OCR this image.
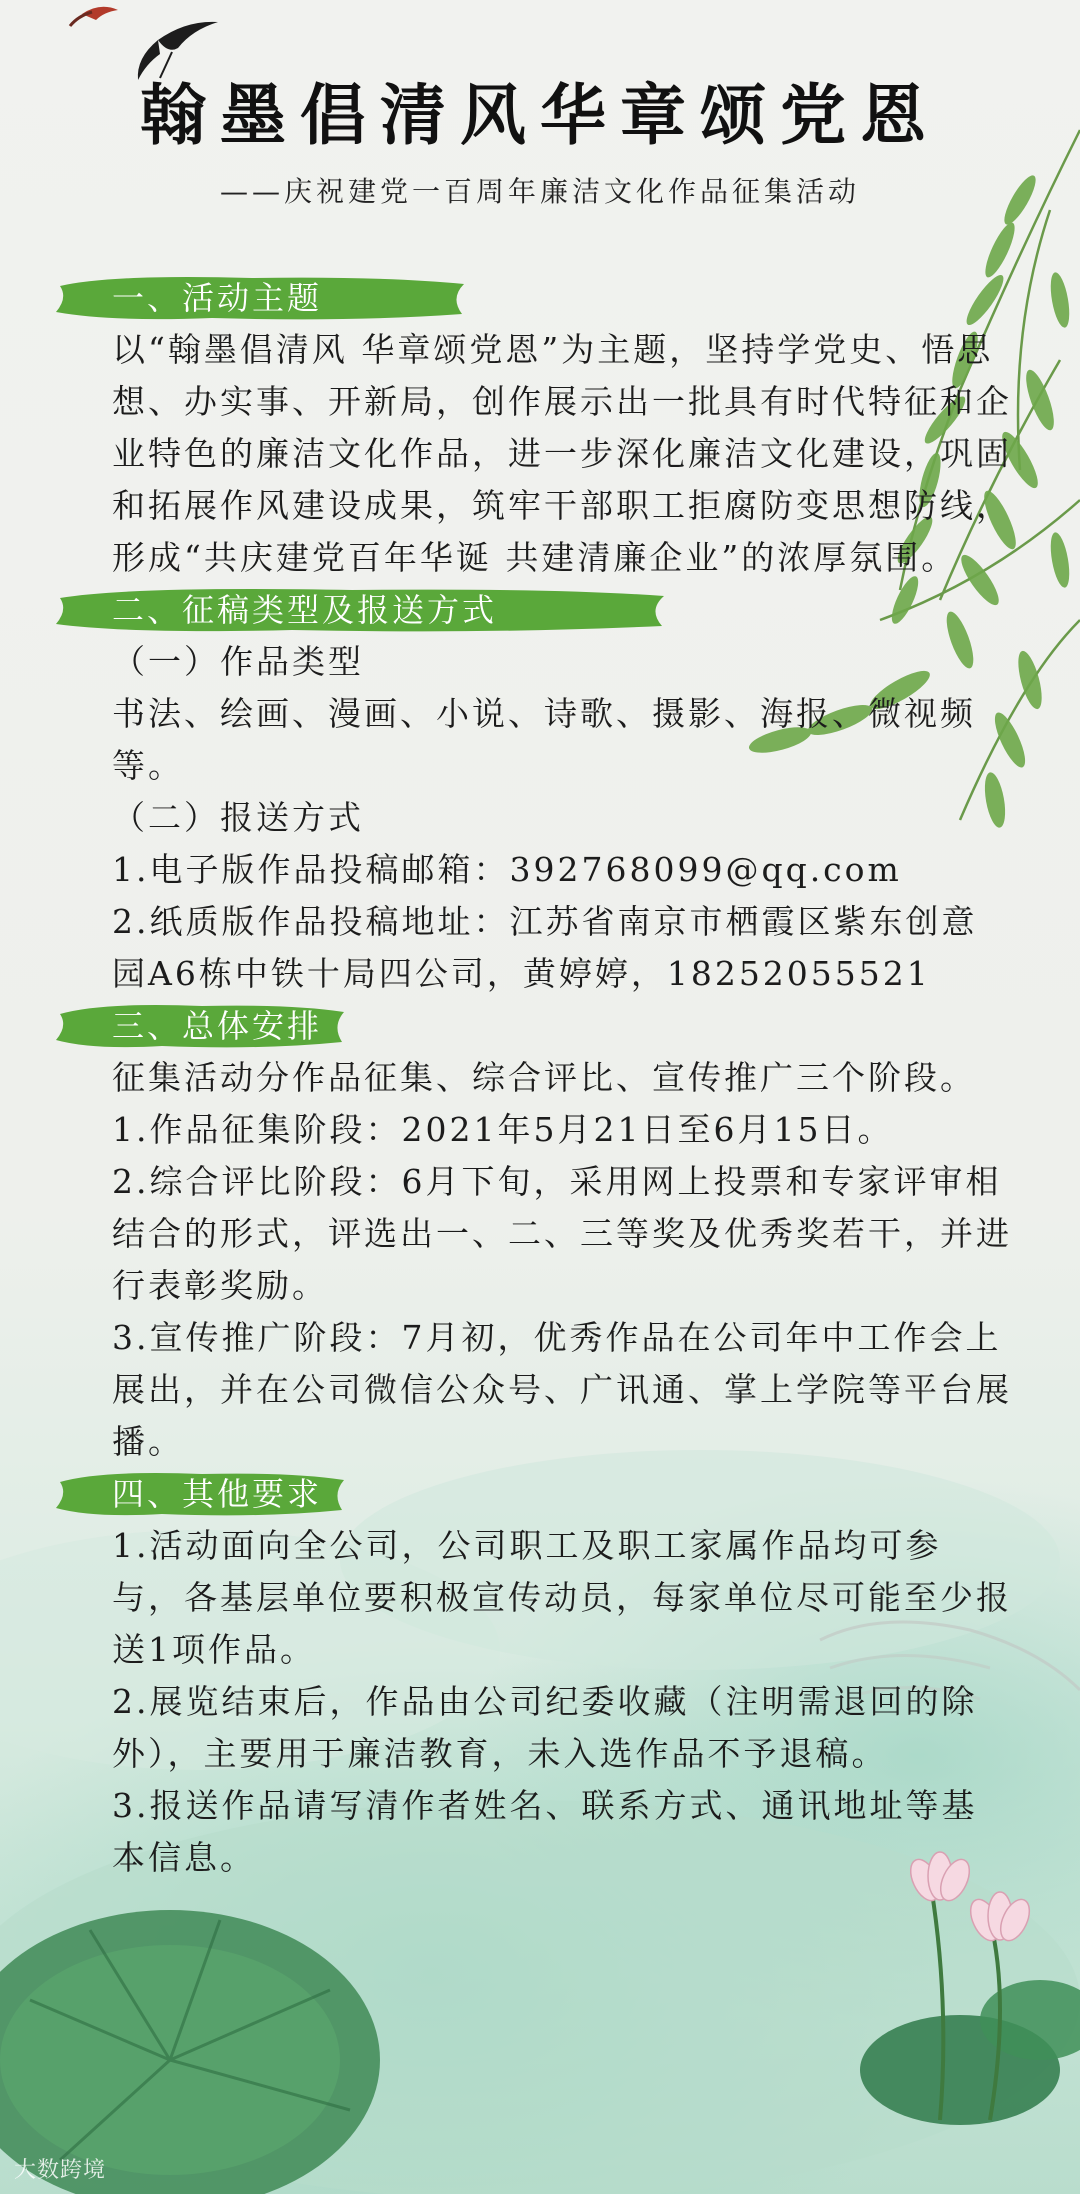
翰墨倡清风华章颂党恩
——庆祝建党一百周年廉洁文化作品征集活动
一、活动主题

以“翰墨倡清风 华章颂党恩”为主题，坚持学党史、悟思想、办实事、开新局，创作展示出一批具有时代特征和企业特色的廉洁文化作品，进一步深化廉洁文化建设，巩固和拓展作风建设成果，筑牢干部职工拒腐防变思想防线，形成“共庆建党百年华诞 共建清廉企业”的浓厚氛围。

二、征稿类型及报送方式

（一）作品类型

书法、绘画、漫画、小说、诗歌、摄影、海报、微视频等。

（二）报送方式

1.电子版作品投稿邮箱：392768099@qq.com

2.纸质版作品投稿地址：江苏省南京市栖霞区紫东创意园A6栋中铁十局四公司，黄婷婷，18252055521

三、总体安排

征集活动分作品征集、综合评比、宣传推广三个阶段。

1.作品征集阶段：2021年5月21日至6月15日。

2.综合评比阶段：6月下旬，采用网上投票和专家评审相结合的形式，评选出一、二、三等奖及优秀奖若干，并进行表彰奖励。

3.宣传推广阶段：7月初，优秀作品在公司年中工作会上展出，并在公司微信公众号、广讯通、掌上学院等平台展播。

四、其他要求

1.活动面向全公司，公司职工及职工家属作品均可参与，各基层单位要积极宣传动员，每家单位尽可能至少报送1项作品。

2.展览结束后，作品由公司纪委收藏（注明需退回的除外），主要用于廉洁教育，未入选作品不予退稿。

3.报送作品请写清作者姓名、联系方式、通讯地址等基本信息。

大数跨境
